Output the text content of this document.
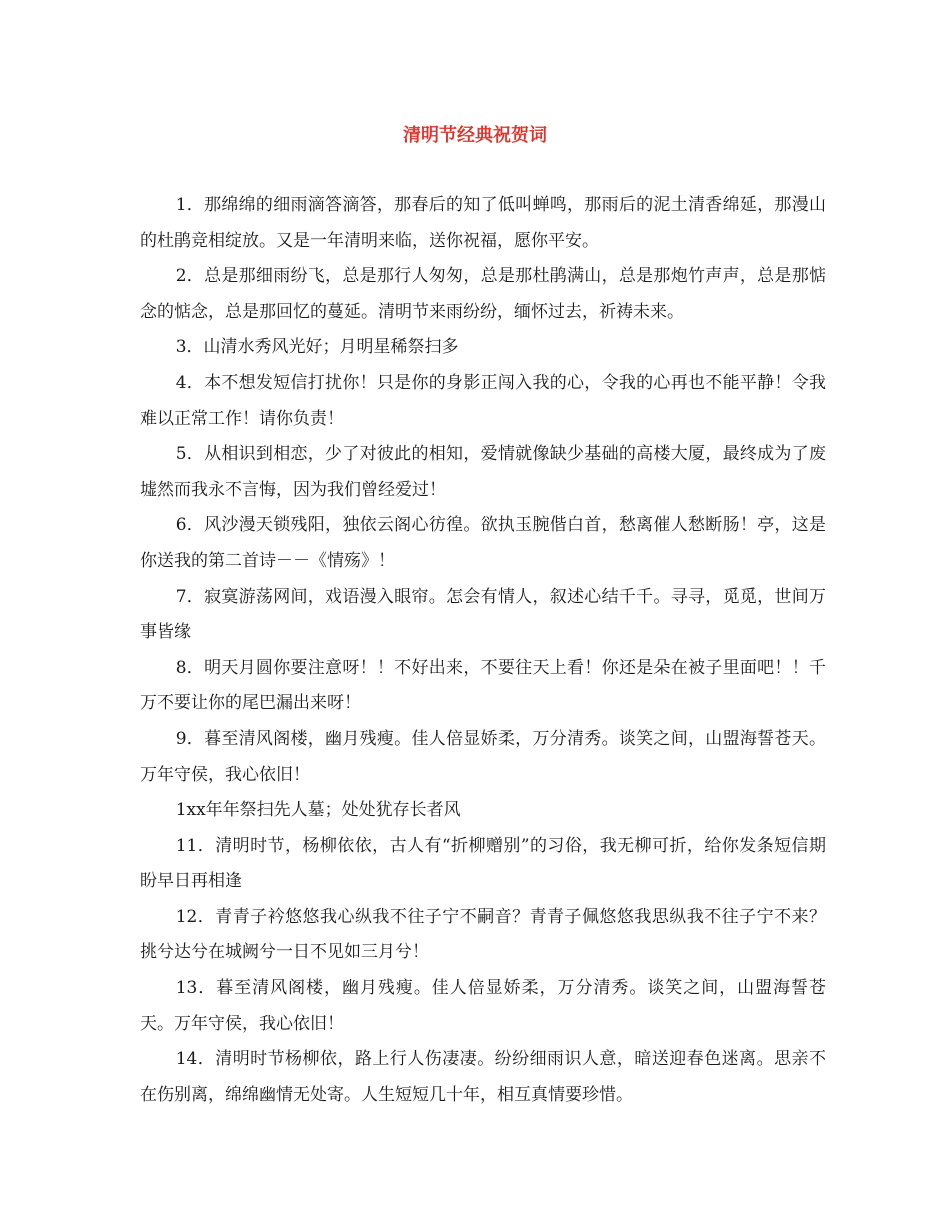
清明节经典祝贺词

1．那绵绵的细雨滴答滴答，那春后的知了低叫蝉鸣，那雨后的泥土清香绵延，那漫山的杜鹃竞相绽放。又是一年清明来临，送你祝福，愿你平安。

2．总是那细雨纷飞，总是那行人匆匆，总是那杜鹃满山，总是那炮竹声声，总是那惦念的惦念，总是那回忆的蔓延。清明节来雨纷纷，缅怀过去，祈祷未来。

3．山清水秀风光好；月明星稀祭扫多

4．本不想发短信打扰你！只是你的身影正闯入我的心，令我的心再也不能平静！令我难以正常工作！请你负责！

5．从相识到相恋，少了对彼此的相知，爱情就像缺少基础的高楼大厦，最终成为了废墟然而我永不言悔，因为我们曾经爱过！

6．风沙漫天锁残阳，独依云阁心彷徨。欲执玉腕偕白首，愁离催人愁断肠！亭，这是你送我的第二首诗－－《情殇》！

7．寂寞游荡网间，戏语漫入眼帘。怎会有情人，叙述心结千千。寻寻，觅觅，世间万事皆缘

8．明天月圆你要注意呀！！不好出来，不要往天上看！你还是朵在被子里面吧！！千万不要让你的尾巴漏出来呀！

9．暮至清风阁楼，幽月残瘦。佳人倍显娇柔，万分清秀。谈笑之间，山盟海誓苍天。万年守侯，我心依旧！

1xx年年祭扫先人墓；处处犹存长者风

11．清明时节，杨柳依依，古人有“折柳赠别”的习俗，我无柳可折，给你发条短信期盼早日再相逢

12．青青子衿悠悠我心纵我不往子宁不嗣音？青青子佩悠悠我思纵我不往子宁不来？挑兮达兮在城阙兮一日不见如三月兮！

13．暮至清风阁楼，幽月残瘦。佳人倍显娇柔，万分清秀。谈笑之间，山盟海誓苍天。万年守侯，我心依旧！

14．清明时节杨柳依，路上行人伤凄凄。纷纷细雨识人意，暗送迎春色迷离。思亲不在伤别离，绵绵幽情无处寄。人生短短几十年，相互真情要珍惜。
